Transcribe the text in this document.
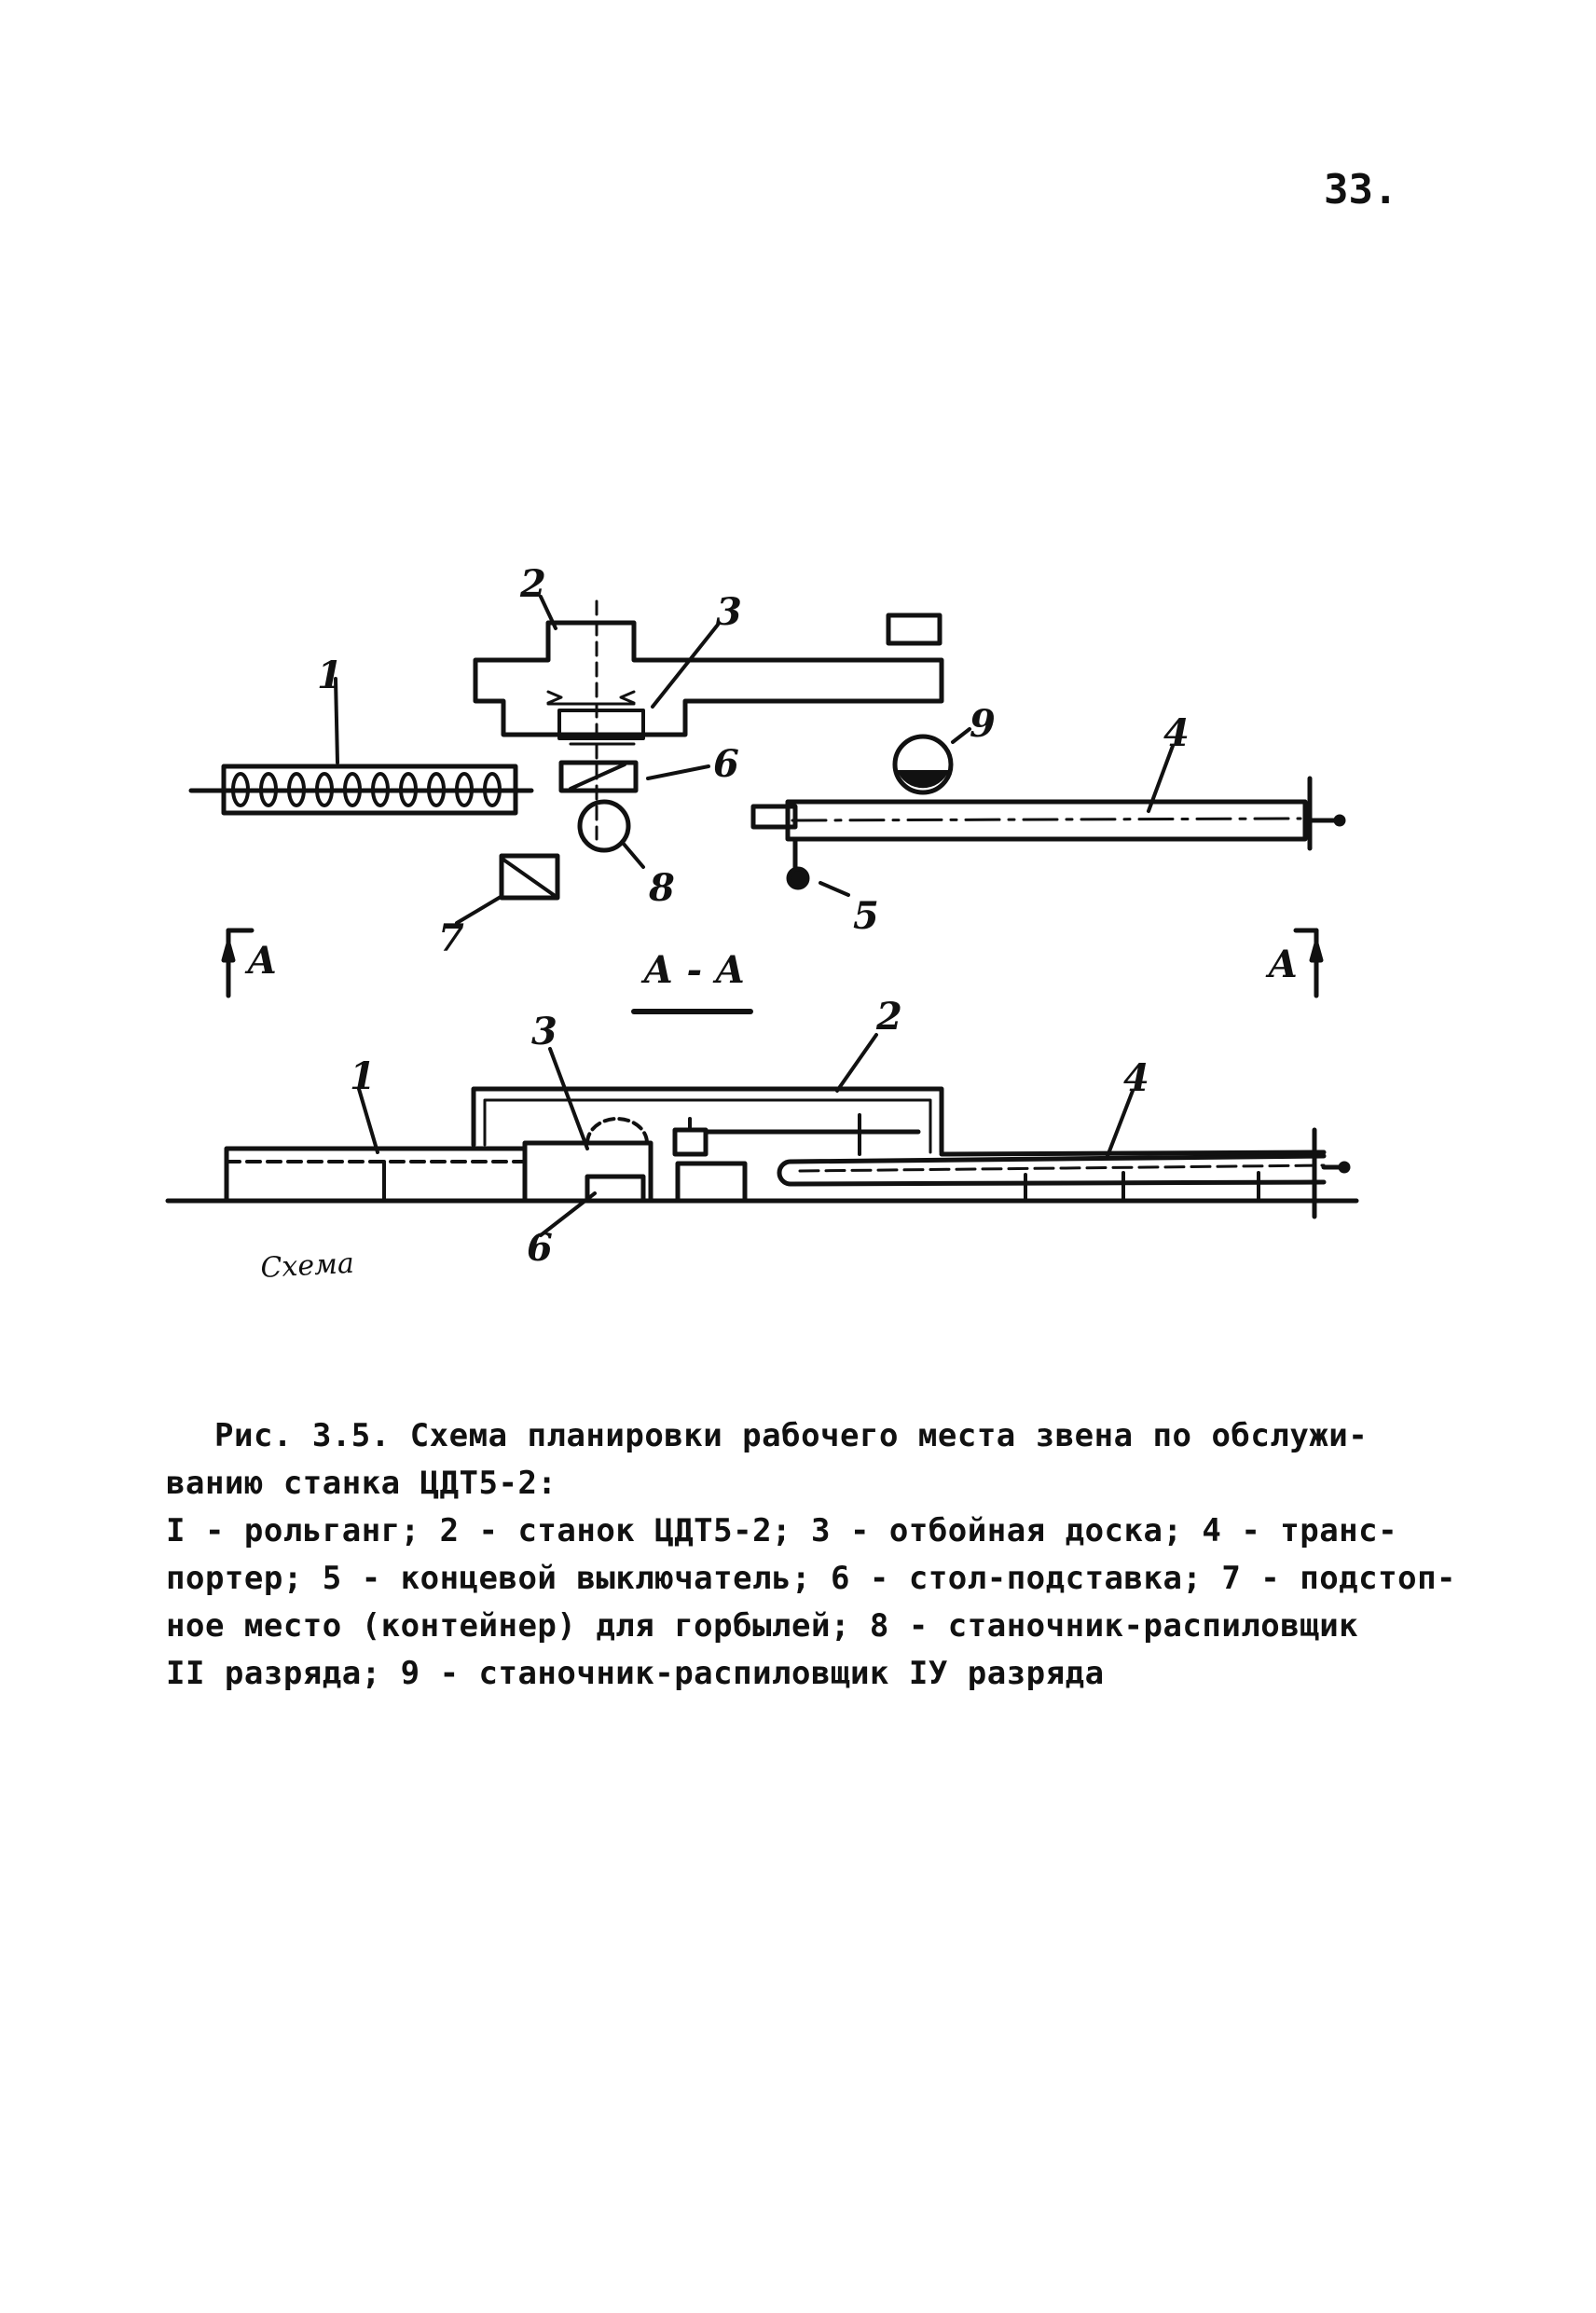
33.
1
2
3
4
5
6
7
8
9
А	А
А - А
1
2
3
4
6
Схема
Рис. 3.5. Схема планировки рабочего места звена по обслужи-
ванию станка ЦДТ5-2:
I - рольганг; 2 - станок ЦДТ5-2; 3 - отбойная доска; 4 - транс-
портер; 5 - концевой выключатель; 6 - стол-подставка; 7 - подстоп-
ное место (контейнер) для горбылей; 8 - станочник-распиловщик
II разряда; 9 - станочник-распиловщик IУ разряда
